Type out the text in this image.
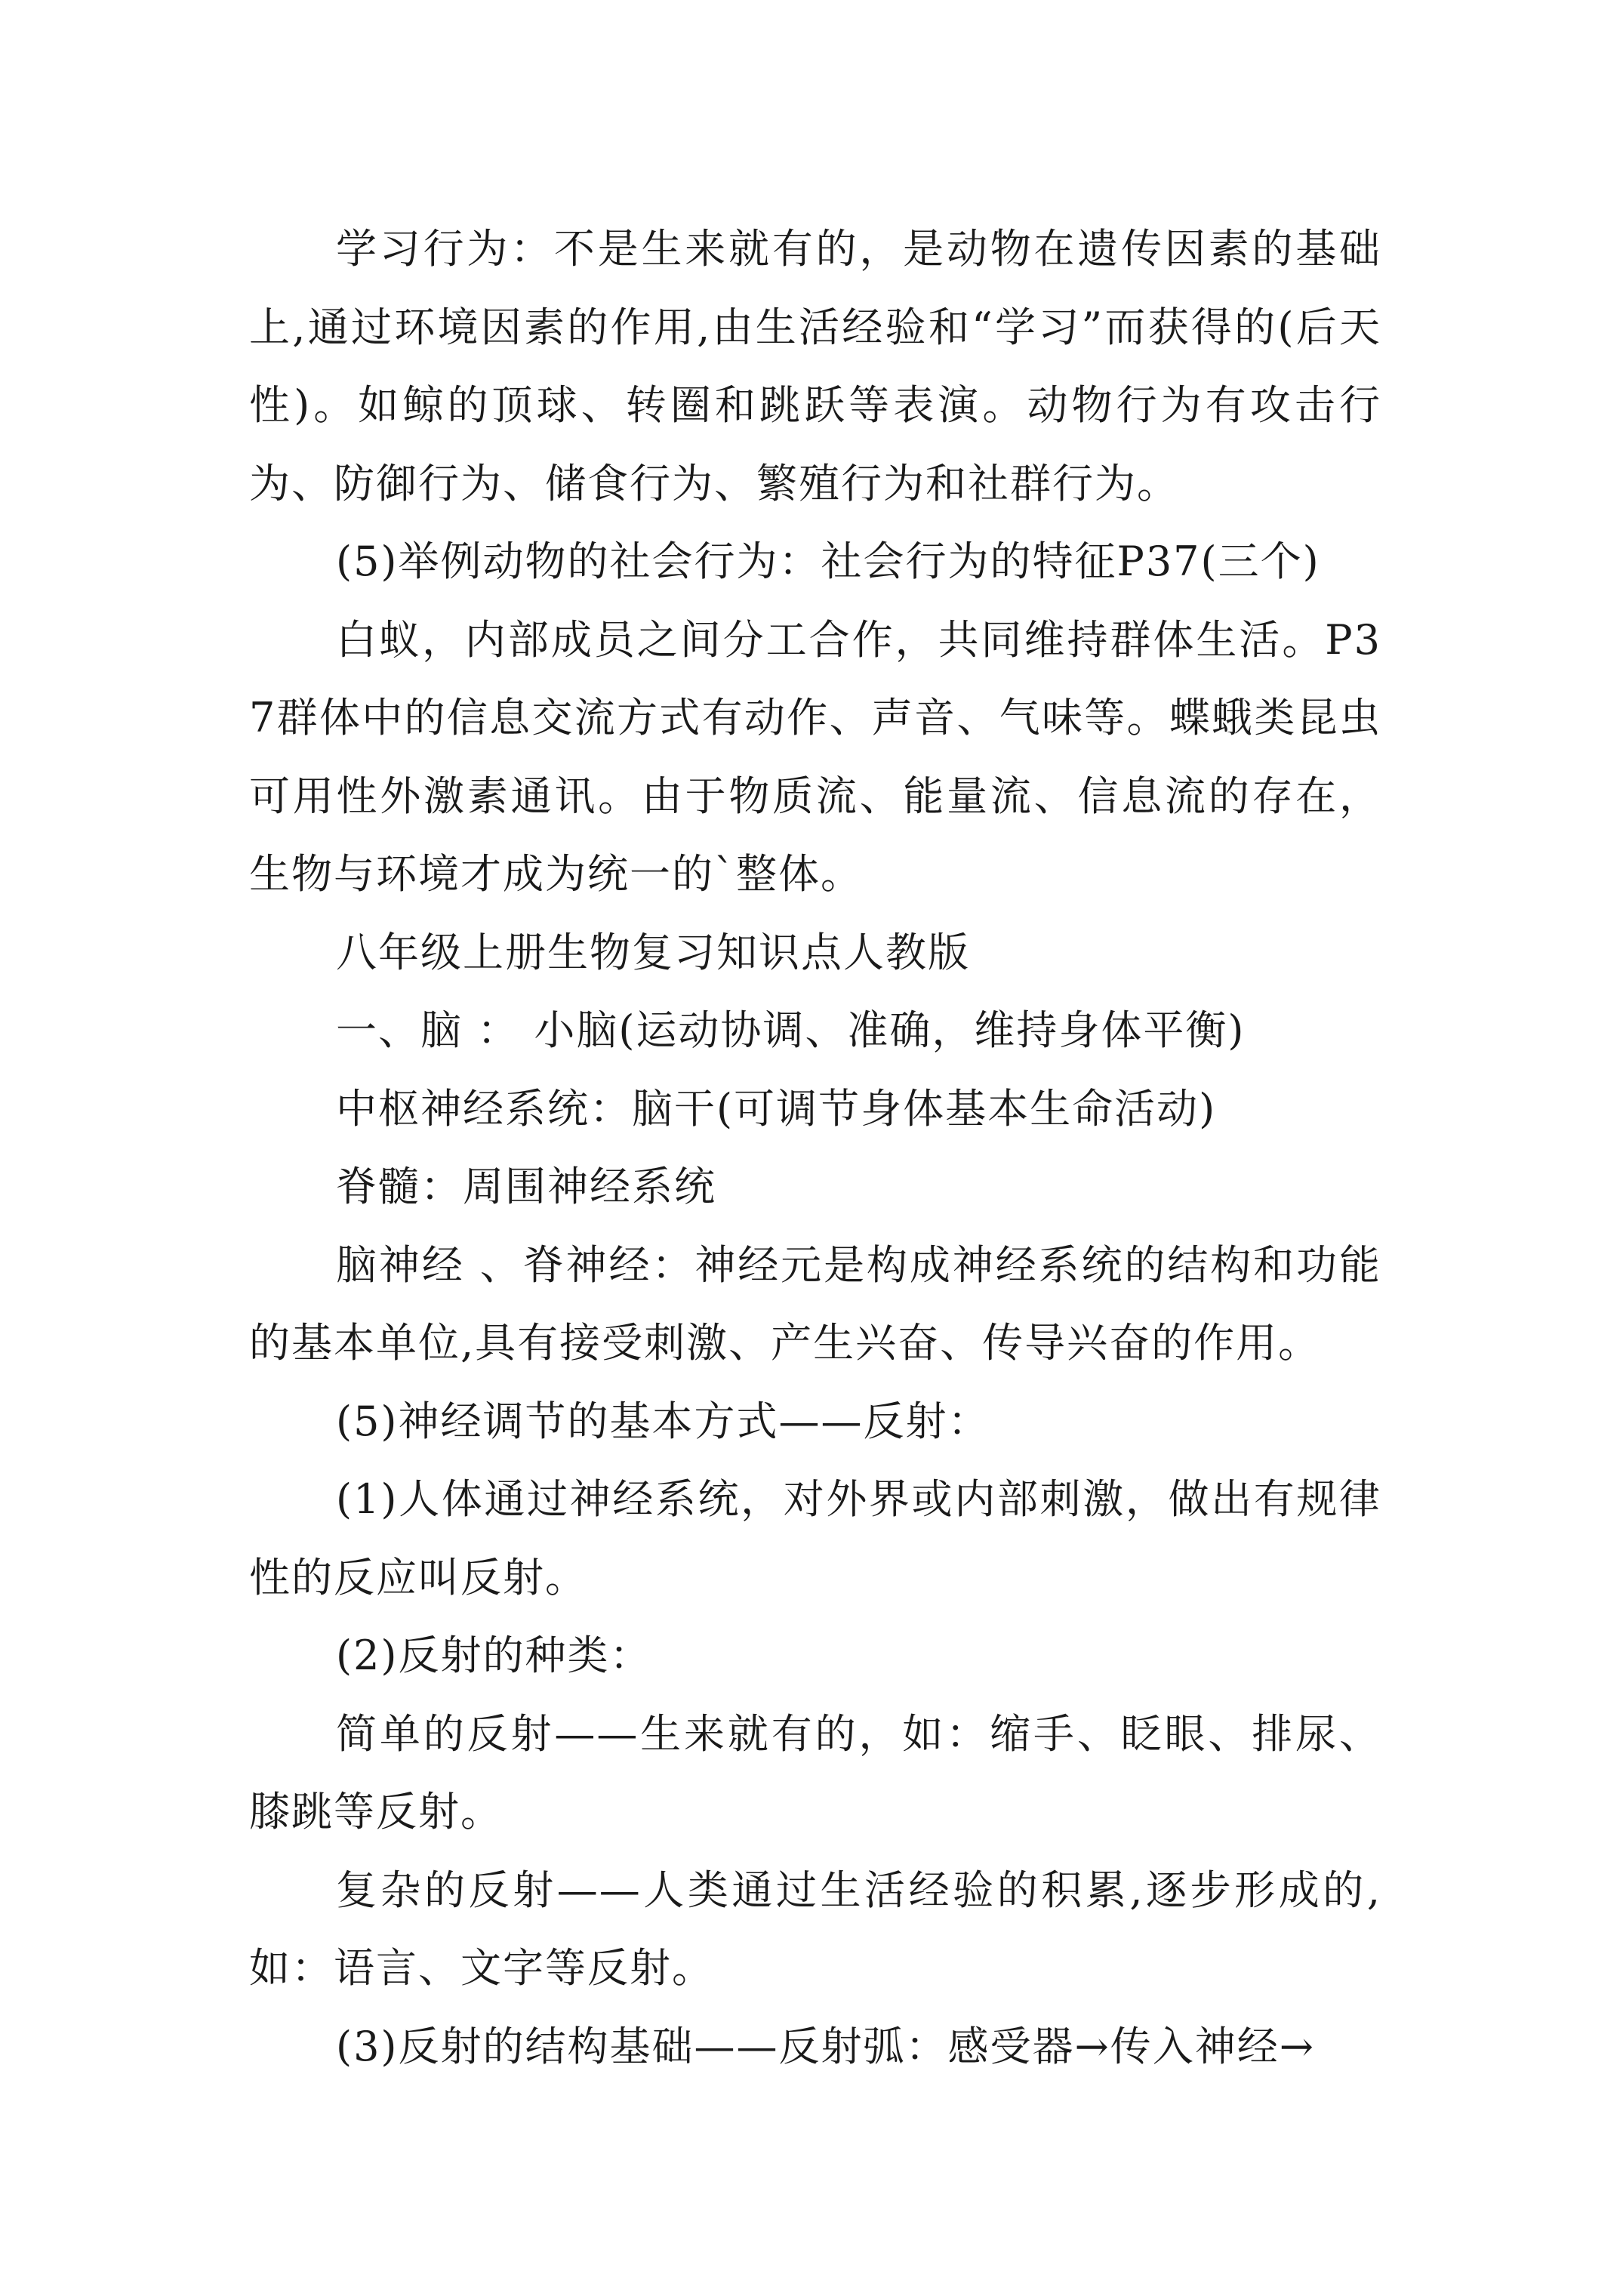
学习行为：不是生来就有的，是动物在遗传因素的基础上,通过环境因素的作用,由生活经验和“学习”而获得的(后天性)。如鲸的顶球、转圈和跳跃等表演。动物行为有攻击行为、防御行为、储食行为、繁殖行为和社群行为。

(5)举例动物的社会行为：社会行为的特征P37(三个)

白蚁，内部成员之间分工合作，共同维持群体生活。P37群体中的信息交流方式有动作、声音、气味等。蝶蛾类昆虫可用性外激素通讯。由于物质流、能量流、信息流的存在，生物与环境才成为统一的`整体。

八年级上册生物复习知识点人教版

一、脑 ： 小脑(运动协调、准确，维持身体平衡)

中枢神经系统：脑干(可调节身体基本生命活动)

脊髓：周围神经系统

脑神经 、脊神经：神经元是构成神经系统的结构和功能的基本单位,具有接受刺激、产生兴奋、传导兴奋的作用。

(5)神经调节的基本方式——反射：

(1)人体通过神经系统，对外界或内部刺激，做出有规律性的反应叫反射。

(2)反射的种类：

简单的反射——生来就有的，如：缩手、眨眼、排尿、膝跳等反射。

复杂的反射——人类通过生活经验的积累,逐步形成的,如：语言、文字等反射。

(3)反射的结构基础——反射弧：感受器→传入神经→
